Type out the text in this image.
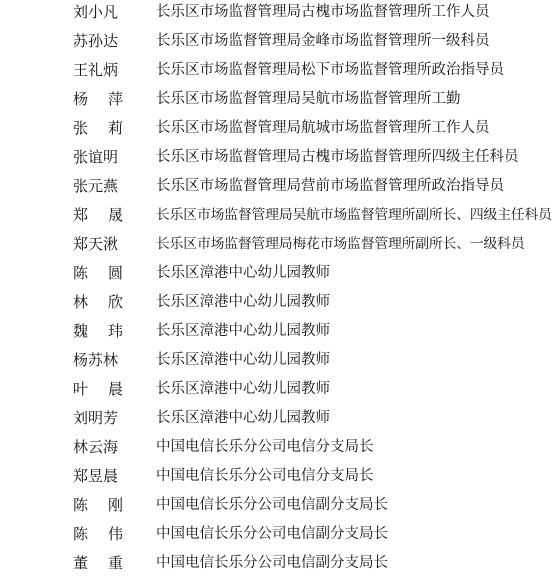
刘小凡	长乐区市场监督管理局古槐市场监督管理所工作人员
苏孙达	长乐区市场监督管理局金峰市场监督管理所一级科员
王礼炳	长乐区市场监督管理局松下市场监督管理所政治指导员
杨萍 长乐区市场监督管理局吴航市场监督管理所工勤
张莉 长乐区市场监督管理局航城市场监督管理所工作人员
张谊明	长乐区市场监督管理局古槐市场监督管理所四级主任科员
张元燕	长乐区市场监督管理局营前市场监督管理所政治指导员
郑晟 长乐区市场监督管理局吴航市场监督管理所副所长、四级主任科员
郑天湫	长乐区市场监督管理局梅花市场监督管理所副所长、一级科员
陈圆 长乐区漳港中心幼儿园教师
林欣 长乐区漳港中心幼儿园教师
魏玮 长乐区漳港中心幼儿园教师
杨苏林	长乐区漳港中心幼儿园教师
叶晨 长乐区漳港中心幼儿园教师
刘明芳	长乐区漳港中心幼儿园教师
林云海	中国电信长乐分公司电信分支局长
郑昱晨	中国电信长乐分公司电信分支局长
陈刚 中国电信长乐分公司电信副分支局长
陈伟 中国电信长乐分公司电信副分支局长
董重 中国电信长乐分公司电信副分支局长
